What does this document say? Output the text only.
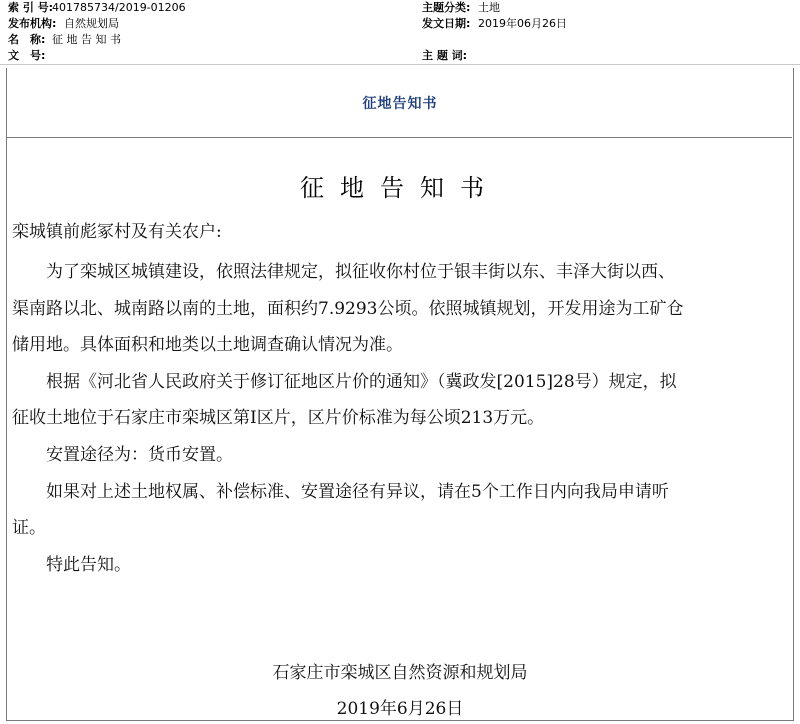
索 引 号:401785734/2019-01206	主题分类: 土地
发布机构: 自然规划局	发文日期: 2019年06月26日
名　称: 征 地 告 知 书
文　号:	主 题 词:
征地告知书
征地告知书
栾城镇前彪冢村及有关农户:
为了栾城区城镇建设，依照法律规定，拟征收你村位于银丰街以东、丰泽大街以西、
渠南路以北、城南路以南的土地，面积约7.9293公顷。依照城镇规划，开发用途为工矿仓
储用地。具体面积和地类以土地调查确认情况为准。
根据《河北省人民政府关于修订征地区片价的通知》（冀政发[2015]28号）规定，拟
征收土地位于石家庄市栾城区第Ⅰ区片，区片价标准为每公顷213万元。
安置途径为：货币安置。
如果对上述土地权属、补偿标准、安置途径有异议，请在5个工作日内向我局申请听
证。
特此告知。
石家庄市栾城区自然资源和规划局
2019年6月26日
